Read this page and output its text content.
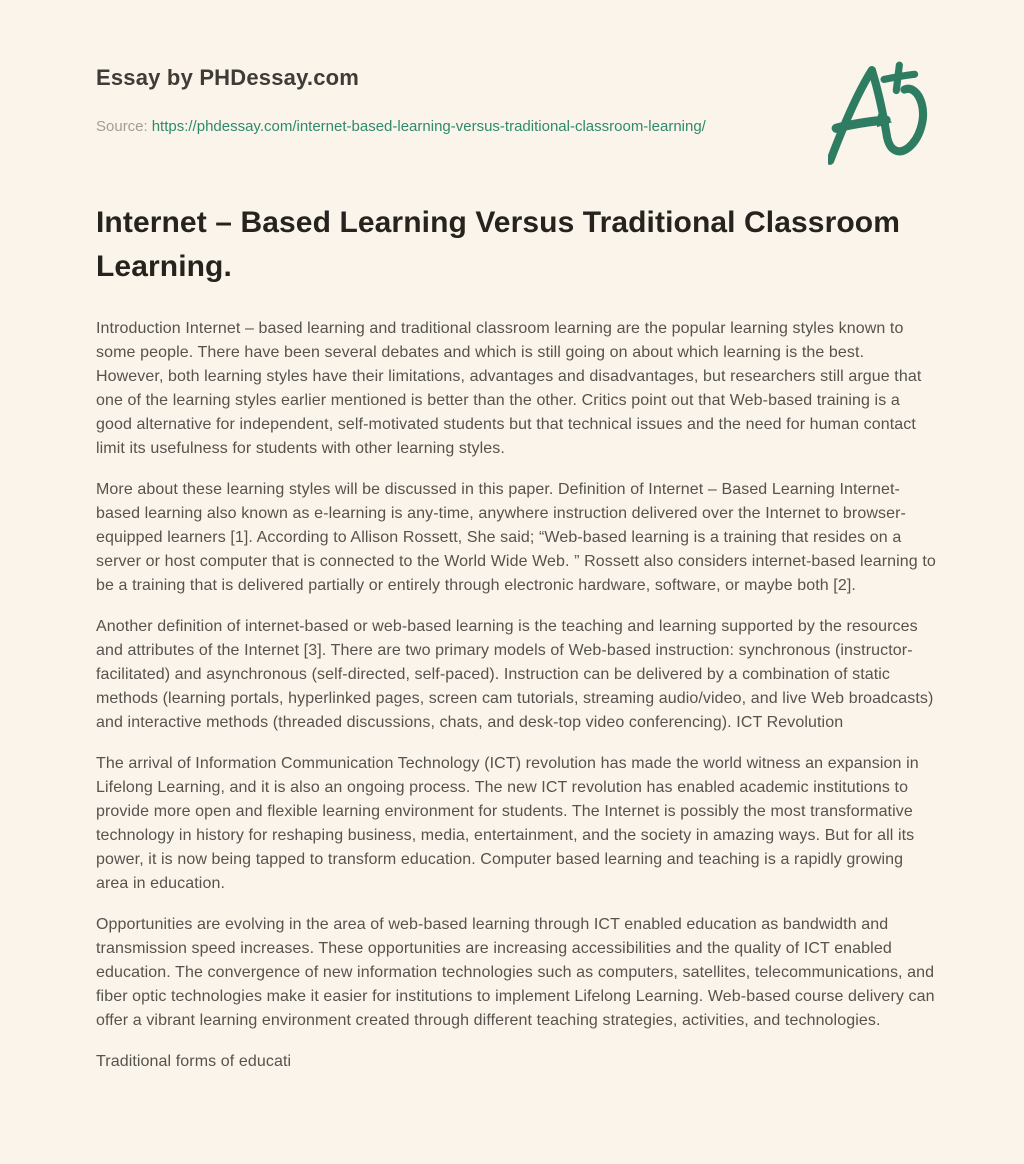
Essay by PHDessay.com
Source: https://phdessay.com/internet-based-learning-versus-traditional-classroom-learning/
Internet – Based Learning Versus Traditional Classroom Learning.

Introduction Internet – based learning and traditional classroom learning are the popular learning styles known to some people. There have been several debates and which is still going on about which learning is the best. However, both learning styles have their limitations, advantages and disadvantages, but researchers still argue that one of the learning styles earlier mentioned is better than the other. Critics point out that Web-based training is a good alternative for independent, self-motivated students but that technical issues and the need for human contact limit its usefulness for students with other learning styles.

More about these learning styles will be discussed in this paper. Definition of Internet – Based Learning Internet-based learning also known as e-learning is any-time, anywhere instruction delivered over the Internet to browser-equipped learners [1]. According to Allison Rossett, She said; “Web-based learning is a training that resides on a server or host computer that is connected to the World Wide Web. ” Rossett also considers internet-based learning to be a training that is delivered partially or entirely through electronic hardware, software, or maybe both [2].

Another definition of internet-based or web-based learning is the teaching and learning supported by the resources and attributes of the Internet [3]. There are two primary models of Web-based instruction: synchronous (instructor-facilitated) and asynchronous (self-directed, self-paced). Instruction can be delivered by a combination of static methods (learning portals, hyperlinked pages, screen cam tutorials, streaming audio/video, and live Web broadcasts) and interactive methods (threaded discussions, chats, and desk-top video conferencing). ICT Revolution

The arrival of Information Communication Technology (ICT) revolution has made the world witness an expansion in Lifelong Learning, and it is also an ongoing process. The new ICT revolution has enabled academic institutions to provide more open and flexible learning environment for students. The Internet is possibly the most transformative technology in history for reshaping business, media, entertainment, and the society in amazing ways. But for all its power, it is now being tapped to transform education. Computer based learning and teaching is a rapidly growing area in education.

Opportunities are evolving in the area of web-based learning through ICT enabled education as bandwidth and transmission speed increases. These opportunities are increasing accessibilities and the quality of ICT enabled education. The convergence of new information technologies such as computers, satellites, telecommunications, and fiber optic technologies make it easier for institutions to implement Lifelong Learning. Web-based course delivery can offer a vibrant learning environment created through different teaching strategies, activities, and technologies.

Traditional forms of educati
